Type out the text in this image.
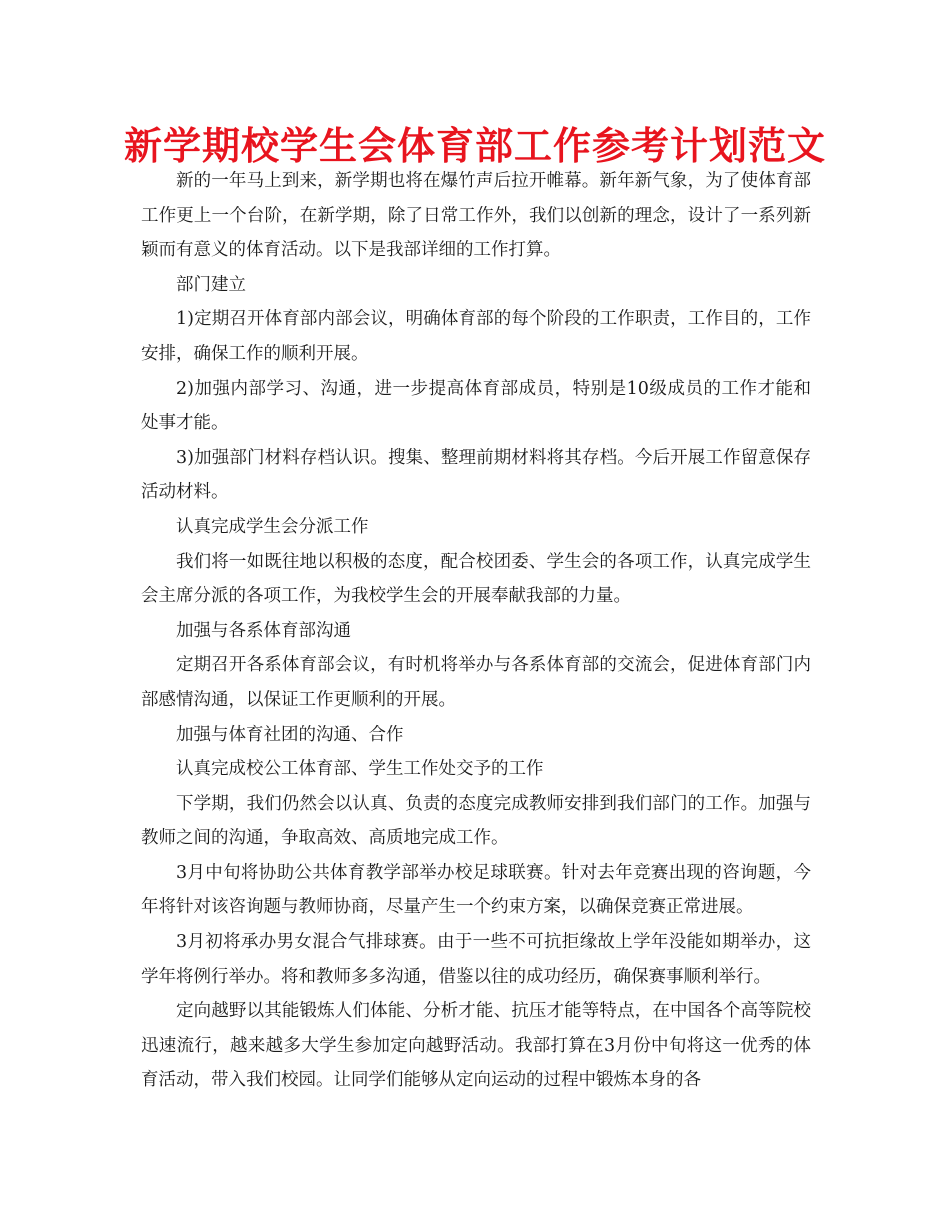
新学期校学生会体育部工作参考计划范文

新的一年马上到来，新学期也将在爆竹声后拉开帷幕。新年新气象，为了使体育部工作更上一个台阶，在新学期，除了日常工作外，我们以创新的理念，设计了一系列新颖而有意义的体育活动。以下是我部详细的工作打算。

部门建立

1)定期召开体育部内部会议，明确体育部的每个阶段的工作职责，工作目的，工作安排，确保工作的顺利开展。

2)加强内部学习、沟通，进一步提高体育部成员，特别是10级成员的工作才能和处事才能。

3)加强部门材料存档认识。搜集、整理前期材料将其存档。今后开展工作留意保存活动材料。

认真完成学生会分派工作

我们将一如既往地以积极的态度，配合校团委、学生会的各项工作，认真完成学生会主席分派的各项工作，为我校学生会的开展奉献我部的力量。

加强与各系体育部沟通

定期召开各系体育部会议，有时机将举办与各系体育部的交流会，促进体育部门内部感情沟通，以保证工作更顺利的开展。

加强与体育社团的沟通、合作

认真完成校公工体育部、学生工作处交予的工作

下学期，我们仍然会以认真、负责的态度完成教师安排到我们部门的工作。加强与教师之间的沟通，争取高效、高质地完成工作。

3月中旬将协助公共体育教学部举办校足球联赛。针对去年竞赛出现的咨询题，今年将针对该咨询题与教师协商，尽量产生一个约束方案，以确保竞赛正常进展。

3月初将承办男女混合气排球赛。由于一些不可抗拒缘故上学年没能如期举办，这学年将例行举办。将和教师多多沟通，借鉴以往的成功经历，确保赛事顺利举行。

定向越野以其能锻炼人们体能、分析才能、抗压才能等特点，在中国各个高等院校迅速流行，越来越多大学生参加定向越野活动。我部打算在3月份中旬将这一优秀的体育活动，带入我们校园。让同学们能够从定向运动的过程中锻炼本身的各
